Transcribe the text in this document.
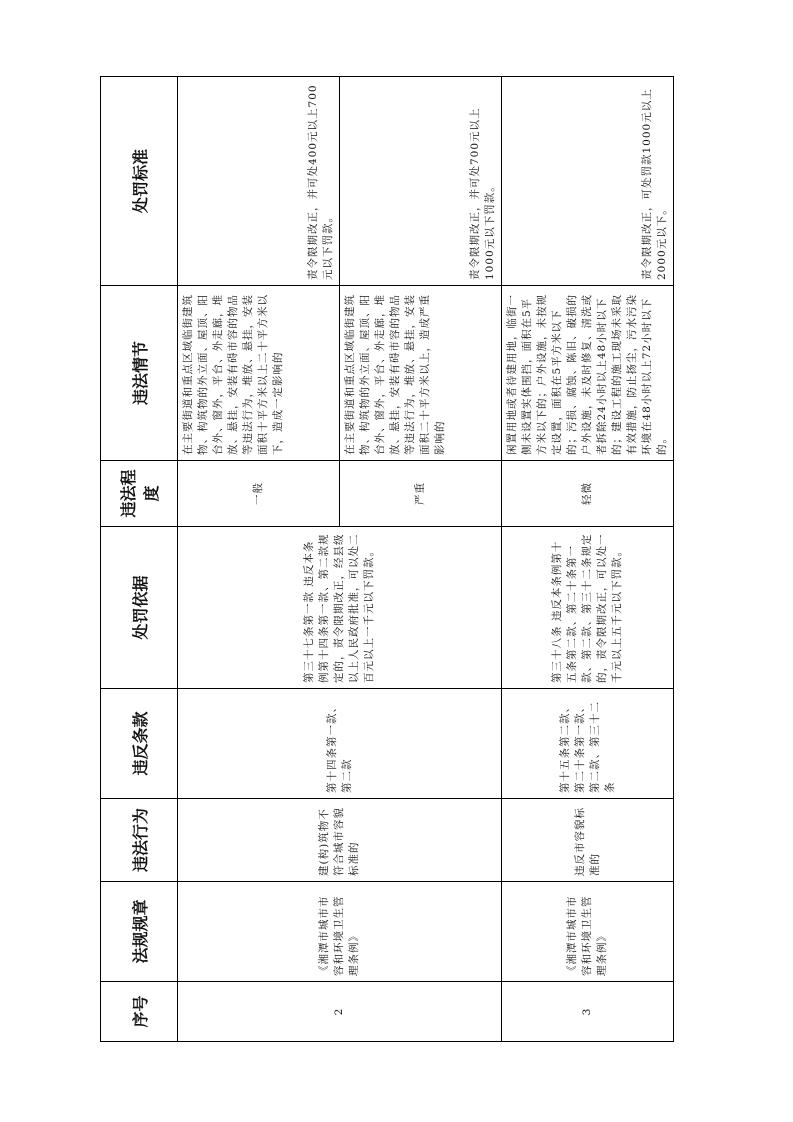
序号	法规规章	违法行为	违反条款	处罚依据	违法程度	违法情节	处罚标准
2	《湘潭市城市市容和环境卫生管理条例》	建(构)筑物不符合城市容貌标准的	第十四条第一款、第二款	第三十七条第一款 违反本条例第十四条第一款、第二款规定的，责令限期改正，经县级以上人民政府批准，可以处二百元以上一千元以下罚款。	一般	在主要街道和重点区域临街建筑物、构筑物的外立面、屋顶、阳台外、窗外，平台、外走廊，堆放、悬挂，安装有碍市容的物品等违法行为，堆放、悬挂，安装面积十平方米以上二十平方米以下，造成一定影响的	责令限期改正，并可处400元以上700元以下罚款。
					严重	在主要街道和重点区域临街建筑物、构筑物的外立面、屋顶、阳台外、窗外，平台、外走廊，堆放、悬挂，安装有碍市容的物品等违法行为，堆放、悬挂，安装面积二十平方米以上，造成严重影响的	责令限期改正，并可处700元以上1000元以下罚款。
3	《湘潭市城市市容和环境卫生管理条例》	违反市容貌标准的	第十五条第二款、第二十条第一款、第二款、第三十二条	第三十八条 违反本条例第十五条第二款、第二十条第一款、第二款、第三十二条规定的，责令限期改正，可以处一千元以上五千元以下罚款。	轻微	闲置用地或者待建用地，临街一侧未设置实体围挡，面积在5平方米以下的；户外设施，未按规定设置，面积在5平方米以下的；污损、腐蚀、陈旧、破损的户外设施，未及时修复、清洗或者拆除24小时以上48小时以下的；建设工程的施工现场未采取有效措施，防止扬尘，污水污染环境在48小时以上72小时以下的。	责令限期改正，可处罚款1000元以上2000元以下。
